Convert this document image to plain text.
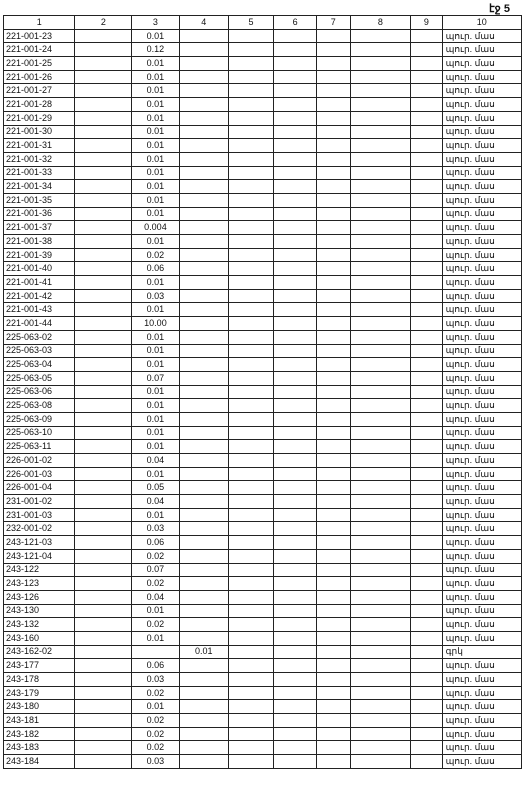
էջ 5
1	2	3	4	5	6	7	8	9	10
221-001-23		0.01							պուր. մաս
221-001-24		0.12							պուր. մաս
221-001-25		0.01							պուր. մաս
221-001-26		0.01							պուր. մաս
221-001-27		0.01							պուր. մաս
221-001-28		0.01							պուր. մաս
221-001-29		0.01							պուր. մաս
221-001-30		0.01							պուր. մաս
221-001-31		0.01							պուր. մաս
221-001-32		0.01							պուր. մաս
221-001-33		0.01							պուր. մաս
221-001-34		0.01							պուր. մաս
221-001-35		0.01							պուր. մաս
221-001-36		0.01							պուր. մաս
221-001-37		0.004							պուր. մաս
221-001-38		0.01							պուր. մաս
221-001-39		0.02							պուր. մաս
221-001-40		0.06							պուր. մաս
221-001-41		0.01							պուր. մաս
221-001-42		0.03							պուր. մաս
221-001-43		0.01							պուր. մաս
221-001-44		10.00							պուր. մաս
225-063-02		0.01							պուր. մաս
225-063-03		0.01							պուր. մաս
225-063-04		0.01							պուր. մաս
225-063-05		0.07							պուր. մաս
225-063-06		0.01							պուր. մաս
225-063-08		0.01							պուր. մաս
225-063-09		0.01							պուր. մաս
225-063-10		0.01							պուր. մաս
225-063-11		0.01							պուր. մաս
226-001-02		0.04							պուր. մաս
226-001-03		0.01							պուր. մաս
226-001-04		0.05							պուր. մաս
231-001-02		0.04							պուր. մաս
231-001-03		0.01							պուր. մաս
232-001-02		0.03							պուր. մաս
243-121-03		0.06							պուր. մաս
243-121-04		0.02							պուր. մաս
243-122		0.07							պուր. մաս
243-123		0.02							պուր. մաս
243-126		0.04							պուր. մաս
243-130		0.01							պուր. մաս
243-132		0.02							պուր. մաս
243-160		0.01							պուր. մաս
243-162-02			0.01						գրկ
243-177		0.06							պուր. մաս
243-178		0.03							պուր. մաս
243-179		0.02							պուր. մաս
243-180		0.01							պուր. մաս
243-181		0.02							պուր. մաս
243-182		0.02							պուր. մաս
243-183		0.02							պուր. մաս
243-184		0.03							պուր. մաս
